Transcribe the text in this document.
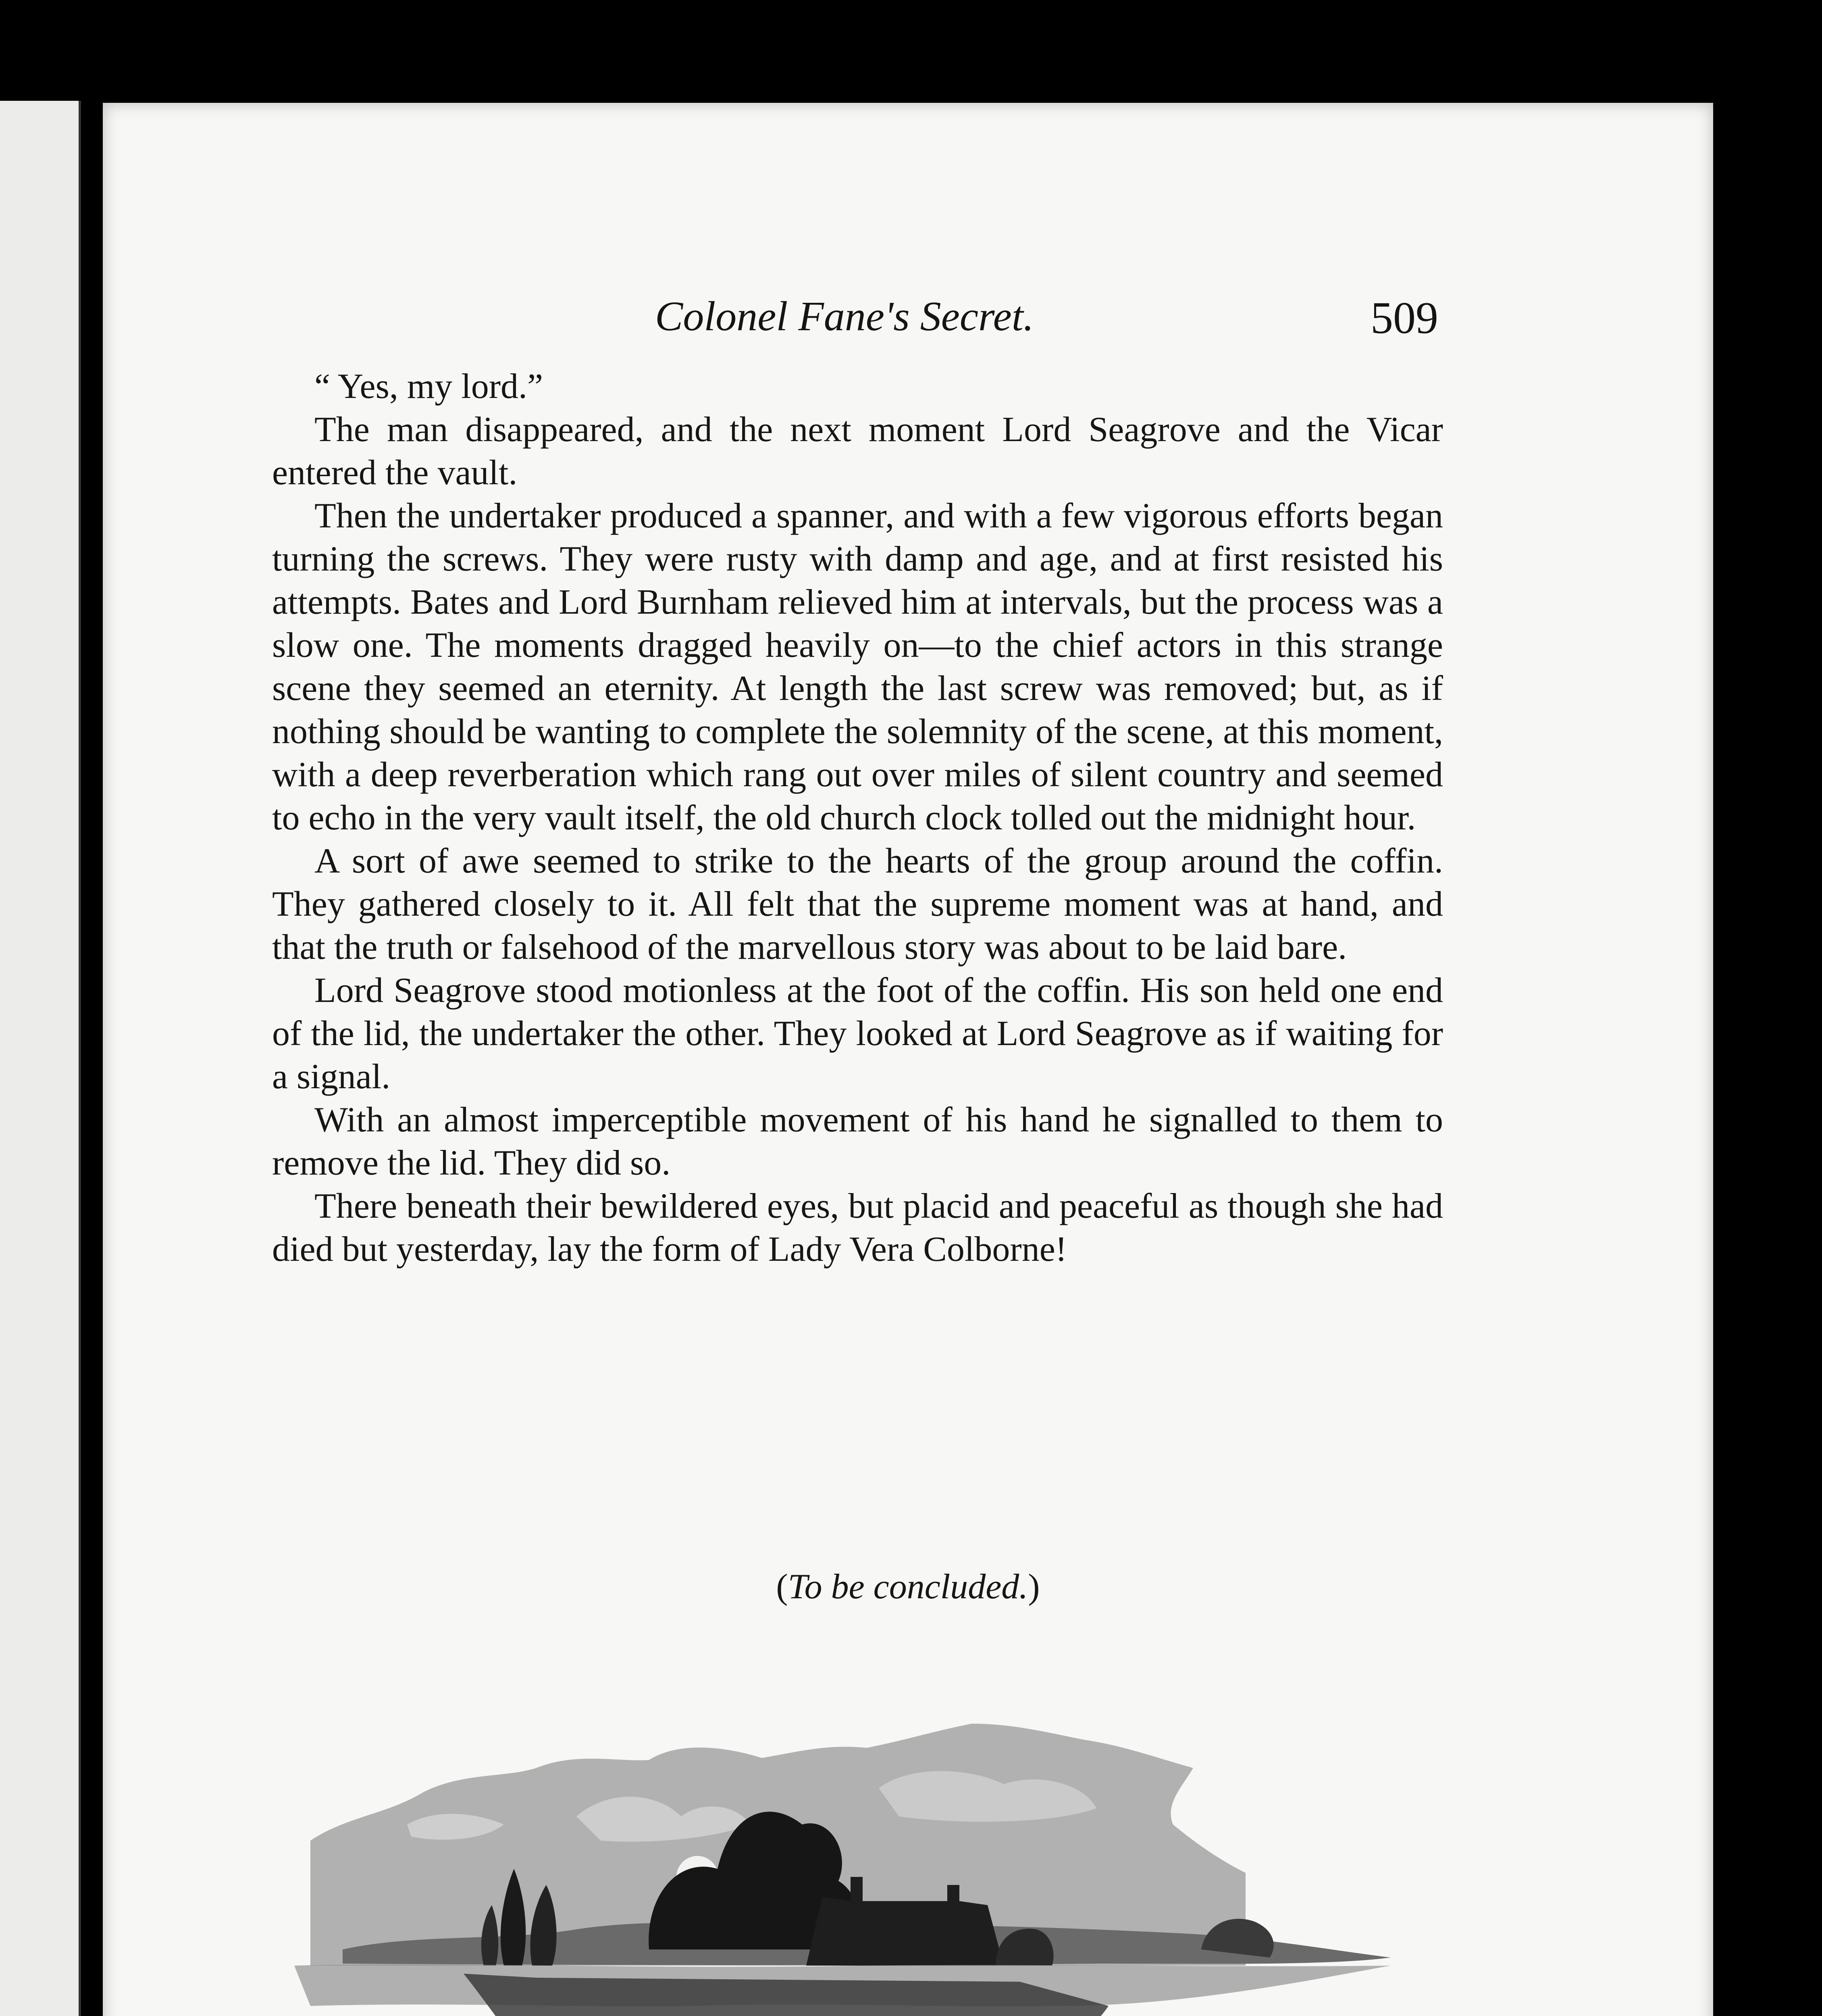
Colonel Fane's Secret.	509

“ Yes, my lord.”

The man disappeared, and the next moment Lord Seagrove and the Vicar entered the vault.

Then the undertaker produced a spanner, and with a few vigorous efforts began turning the screws. They were rusty with damp and age, and at first resisted his attempts. Bates and Lord Burnham relieved him at intervals, but the process was a slow one. The moments dragged heavily on—to the chief actors in this strange scene they seemed an eternity. At length the last screw was removed; but, as if nothing should be wanting to complete the solemnity of the scene, at this moment, with a deep reverberation which rang out over miles of silent country and seemed to echo in the very vault itself, the old church clock tolled out the midnight hour.

A sort of awe seemed to strike to the hearts of the group around the coffin. They gathered closely to it. All felt that the supreme moment was at hand, and that the truth or falsehood of the marvellous story was about to be laid bare.

Lord Seagrove stood motionless at the foot of the coffin. His son held one end of the lid, the undertaker the other. They looked at Lord Seagrove as if waiting for a signal.

With an almost imperceptible movement of his hand he signalled to them to remove the lid. They did so.

There beneath their bewildered eyes, but placid and peaceful as though she had died but yesterday, lay the form of Lady Vera Colborne!

(To be concluded.)
